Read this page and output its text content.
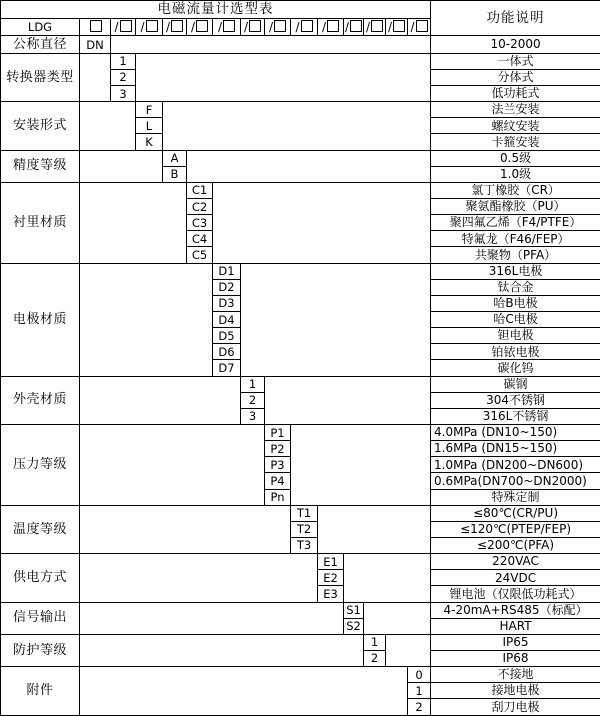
电磁流量计选型表															功能说明
LDG		/	/	/	/	/	/	/	/	/	/	/	/	/	
公称直径	DN														10-2000
转换器类型		1													一体式
		2													分体式
		3													低功耗式
安装形式			F												法兰安装
			L												螺纹安装
			K												卡箍安装
精度等级				A											0.5级
				B											1.0级
衬里材质					C1										氯丁橡胶（CR）
					C2										聚氨酯橡胶（PU）
					C3										聚四氟乙烯（F4/PTFE）
					C4										特氟龙（F46/FEP）
					C5										共聚物（PFA）
电极材质						D1									316L电极
						D2									钛合金
						D3									哈B电极
						D4									哈C电极
						D5									钽电极
						D6									铂铱电极
						D7									碳化钨
外壳材质							1								碳钢
							2								304不锈钢
							3								316L不锈钢
压力等级								P1							4.0MPa (DN10~150)
								P2							1.6MPa (DN15~150)
								P3							1.0MPa (DN200~DN600)
								P4							0.6MPa(DN700~DN2000)
								Pn							特殊定制
温度等级									T1						≤80℃(CR/PU)
									T2						≤120℃(PTEP/FEP)
									T3						≤200℃(PFA)
供电方式										E1					220VAC
										E2					24VDC
										E3					锂电池（仅限低功耗式）
信号输出											S1				4-20mA+RS485（标配）
											S2				HART
防护等级												1			IP65
												2			IP68
附件														0	不接地
														1	接地电极
														2	刮刀电极
